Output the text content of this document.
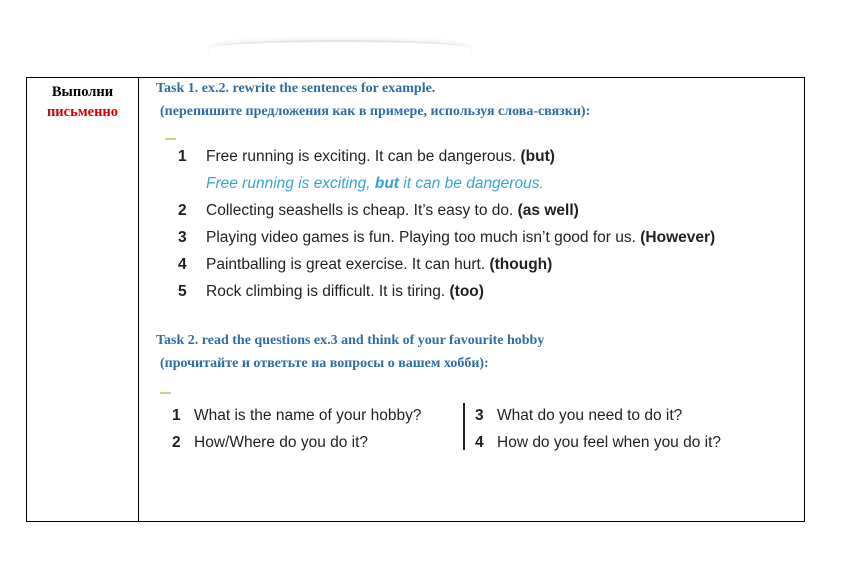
Выполни
письменно
Task 1. ex.2. rewrite the sentences for example.
(перепишите предложения как в примере, используя слова-связки):
1 Free running is exciting. It can be dangerous. (but)
Free running is exciting, but it can be dangerous.
2 Collecting seashells is cheap. It’s easy to do. (as well)
3 Playing video games is fun. Playing too much isn’t good for us. (However)
4 Paintballing is great exercise. It can hurt. (though)
5 Rock climbing is difficult. It is tiring. (too)
Task 2. read the questions ex.3 and think of your favourite hobby
(прочитайте и ответьте на вопросы о вашем хобби):
1 What is the name of your hobby?
2 How/Where do you do it?
3 What do you need to do it?
4 How do you feel when you do it?
